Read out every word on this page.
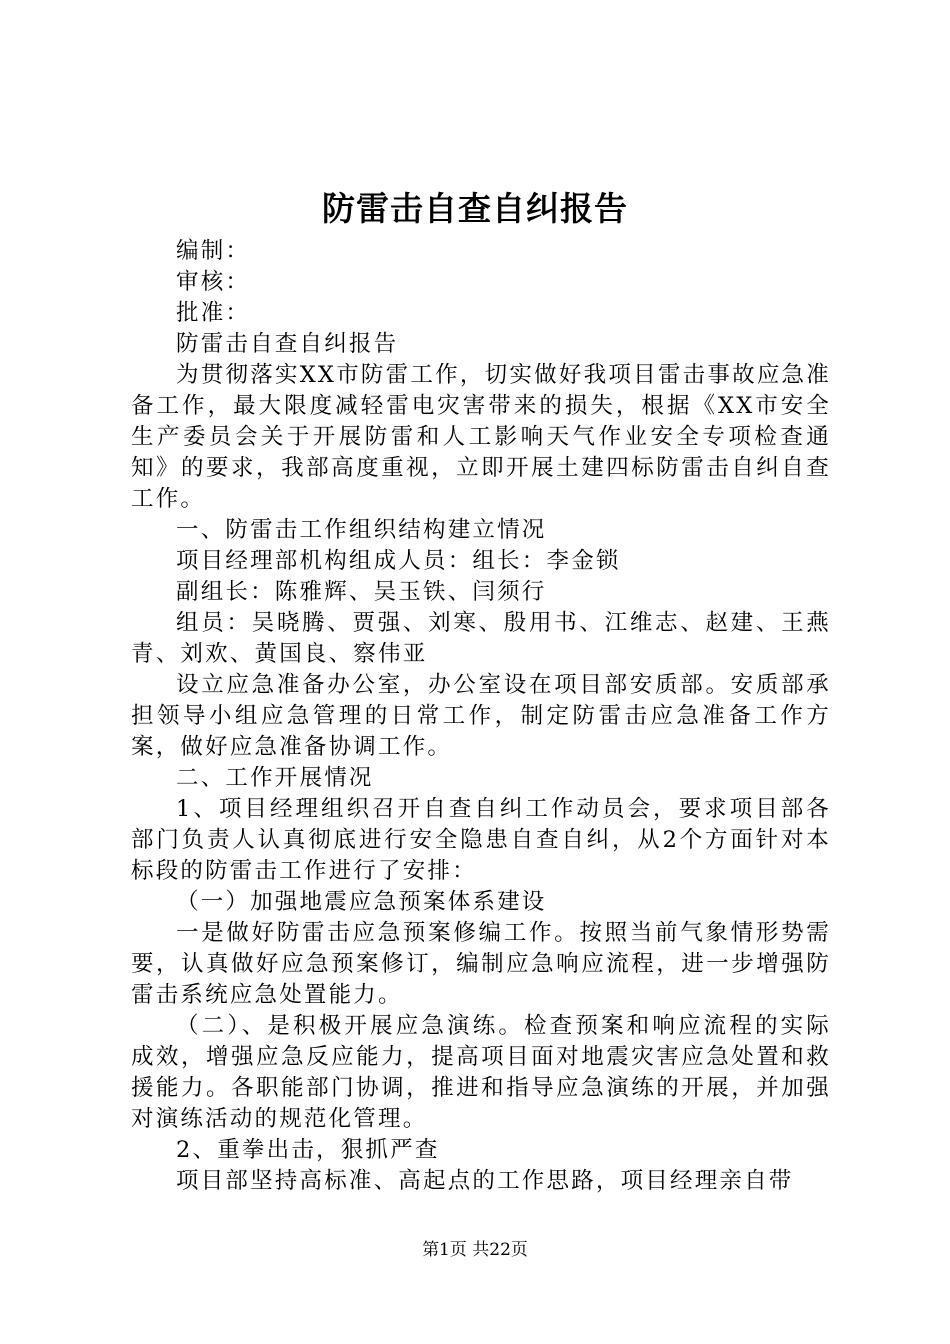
防雷击自查自纠报告

编制：

审核：

批准：

防雷击自查自纠报告

为贯彻落实XX市防雷工作，切实做好我项目雷击事故应急准备工作，最大限度减轻雷电灾害带来的损失，根据《XX市安全生产委员会关于开展防雷和人工影响天气作业安全专项检查通知》的要求，我部高度重视，立即开展土建四标防雷击自纠自查工作。

一、防雷击工作组织结构建立情况

项目经理部机构组成人员：组长：李金锁

副组长：陈雅辉、吴玉铁、闫须行

组员：吴晓腾、贾强、刘寒、殷用书、江维志、赵建、王燕青、刘欢、黄国良、察伟亚

设立应急准备办公室，办公室设在项目部安质部。安质部承担领导小组应急管理的日常工作，制定防雷击应急准备工作方案，做好应急准备协调工作。

二、工作开展情况

1、项目经理组织召开自查自纠工作动员会，要求项目部各部门负责人认真彻底进行安全隐患自查自纠，从2个方面针对本标段的防雷击工作进行了安排：

（一）加强地震应急预案体系建设

一是做好防雷击应急预案修编工作。按照当前气象情形势需要，认真做好应急预案修订，编制应急响应流程，进一步增强防雷击系统应急处置能力。

（二）、是积极开展应急演练。检查预案和响应流程的实际成效，增强应急反应能力，提高项目面对地震灾害应急处置和救援能力。各职能部门协调，推进和指导应急演练的开展，并加强对演练活动的规范化管理。

2、重拳出击，狠抓严查

项目部坚持高标准、高起点的工作思路，项目经理亲自带

第1页 共22页
